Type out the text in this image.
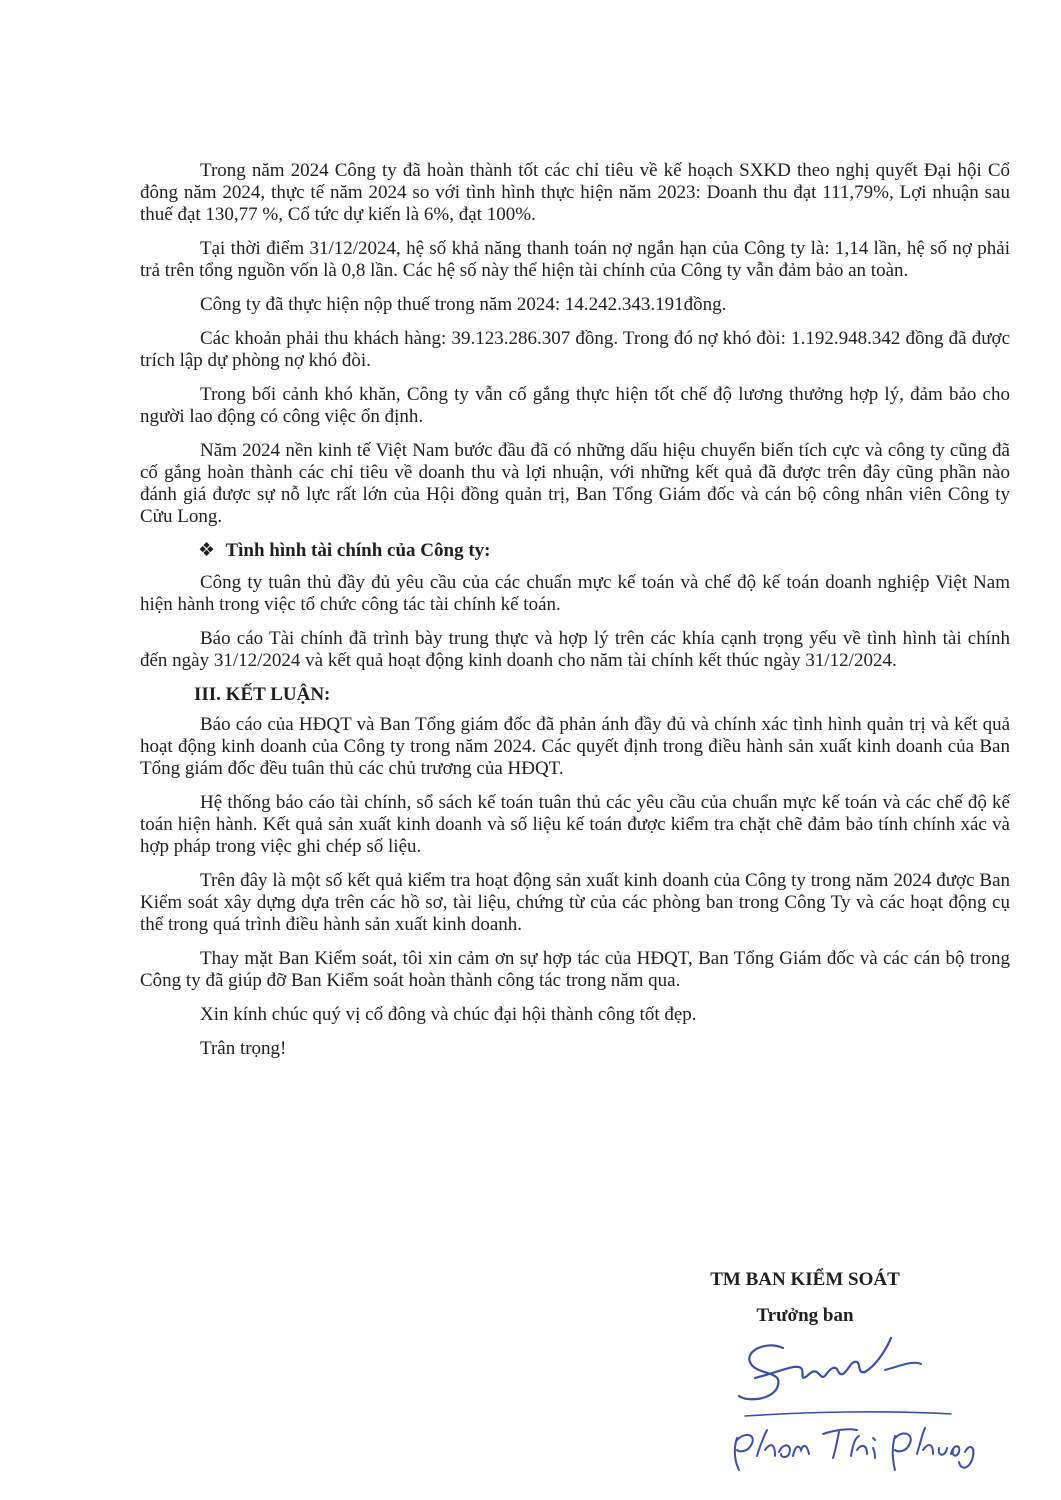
Trong năm 2024 Công ty đã hoàn thành tốt các chỉ tiêu về kế hoạch SXKD theo nghị quyết Đại hội Cổ đông năm 2024, thực tế năm 2024 so với tình hình thực hiện năm 2023: Doanh thu đạt 111,79%, Lợi nhuận sau thuế đạt 130,77 %, Cổ tức dự kiến là 6%, đạt 100%.

Tại thời điểm 31/12/2024, hệ số khả năng thanh toán nợ ngắn hạn của Công ty là: 1,14 lần, hệ số nợ phải trả trên tổng nguồn vốn là 0,8 lần. Các hệ số này thể hiện tài chính của Công ty vẫn đảm bảo an toàn.

Công ty đã thực hiện nộp thuế trong năm 2024: 14.242.343.191đồng.

Các khoản phải thu khách hàng: 39.123.286.307 đồng. Trong đó nợ khó đòi: 1.192.948.342 đồng đã được trích lập dự phòng nợ khó đòi.

Trong bối cảnh khó khăn, Công ty vẫn cố gắng thực hiện tốt chế độ lương thưởng hợp lý, đảm bảo cho người lao động có công việc ổn định.

Năm 2024 nền kinh tế Việt Nam bước đầu đã có những dấu hiệu chuyển biến tích cực và công ty cũng đã cố gắng hoàn thành các chỉ tiêu về doanh thu và lợi nhuận, với những kết quả đã được trên đây cũng phần nào đánh giá được sự nỗ lực rất lớn của Hội đồng quản trị, Ban Tổng Giám đốc và cán bộ công nhân viên Công ty Cửu Long.

❖ Tình hình tài chính của Công ty:

Công ty tuân thủ đầy đủ yêu cầu của các chuẩn mực kế toán và chế độ kế toán doanh nghiệp Việt Nam hiện hành trong việc tổ chức công tác tài chính kế toán.

Báo cáo Tài chính đã trình bày trung thực và hợp lý trên các khía cạnh trọng yếu về tình hình tài chính đến ngày 31/12/2024 và kết quả hoạt động kinh doanh cho năm tài chính kết thúc ngày 31/12/2024.

III. KẾT LUẬN:

Báo cáo của HĐQT và Ban Tổng giám đốc đã phản ánh đầy đủ và chính xác tình hình quản trị và kết quả hoạt động kinh doanh của Công ty trong năm 2024. Các quyết định trong điều hành sản xuất kinh doanh của Ban Tổng giám đốc đều tuân thủ các chủ trương của HĐQT.

Hệ thống báo cáo tài chính, sổ sách kế toán tuân thủ các yêu cầu của chuẩn mực kế toán và các chế độ kế toán hiện hành. Kết quả sản xuất kinh doanh và số liệu kế toán được kiểm tra chặt chẽ đảm bảo tính chính xác và hợp pháp trong việc ghi chép số liệu.

Trên đây là một số kết quả kiểm tra hoạt động sản xuất kinh doanh của Công ty trong năm 2024 được Ban Kiểm soát xây dựng dựa trên các hồ sơ, tài liệu, chứng từ của các phòng ban trong Công Ty và các hoạt động cụ thể trong quá trình điều hành sản xuất kinh doanh.

Thay mặt Ban Kiểm soát, tôi xin cảm ơn sự hợp tác của HĐQT, Ban Tổng Giám đốc và các cán bộ trong Công ty đã giúp đỡ Ban Kiểm soát hoàn thành công tác trong năm qua.

Xin kính chúc quý vị cổ đông và chúc đại hội thành công tốt đẹp.

Trân trọng!

TM BAN KIỂM SOÁT

Trưởng ban
